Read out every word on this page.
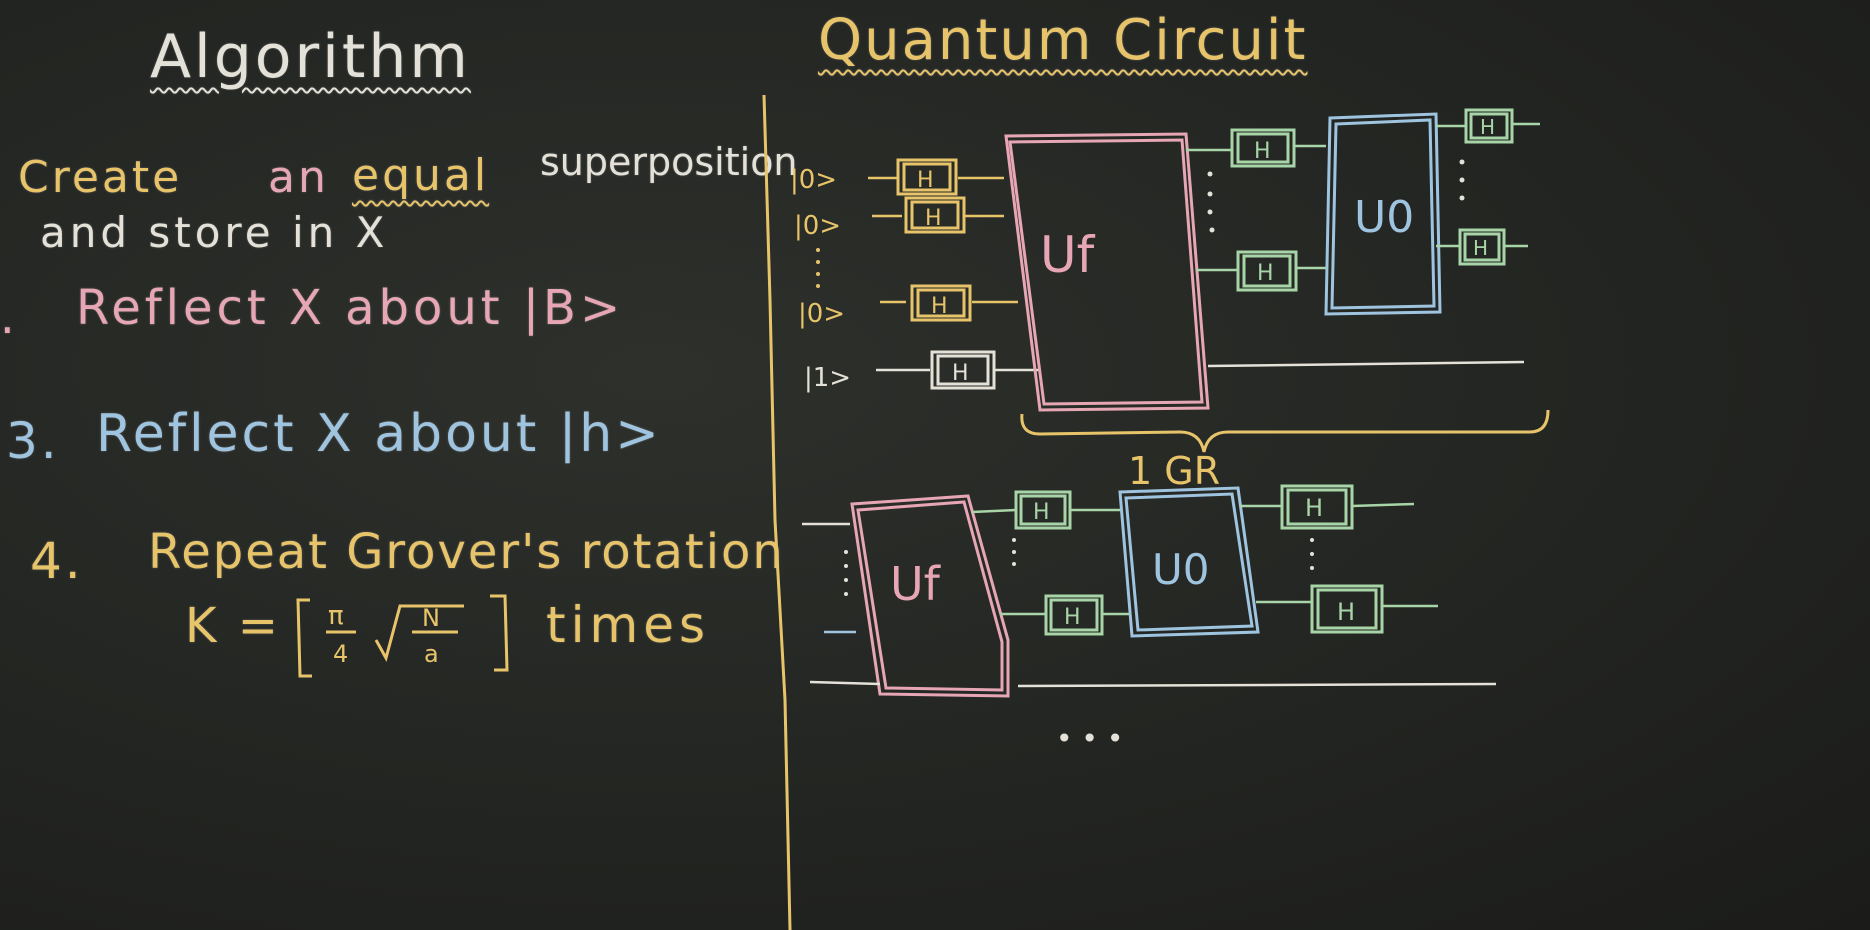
Algorithm
Create an equal superposition
and store in X
. Reflect X about |B>
3. Reflect X about |h>
4. Repeat Grover's rotation
K =	times
Quantum Circuit
π
4
N
a
|0>
|0>
|0>
|1>
H
H
H
H
Uf
H
H
U0
H
H
1 GR
Uf
H
H
U0
H
H
• • •
